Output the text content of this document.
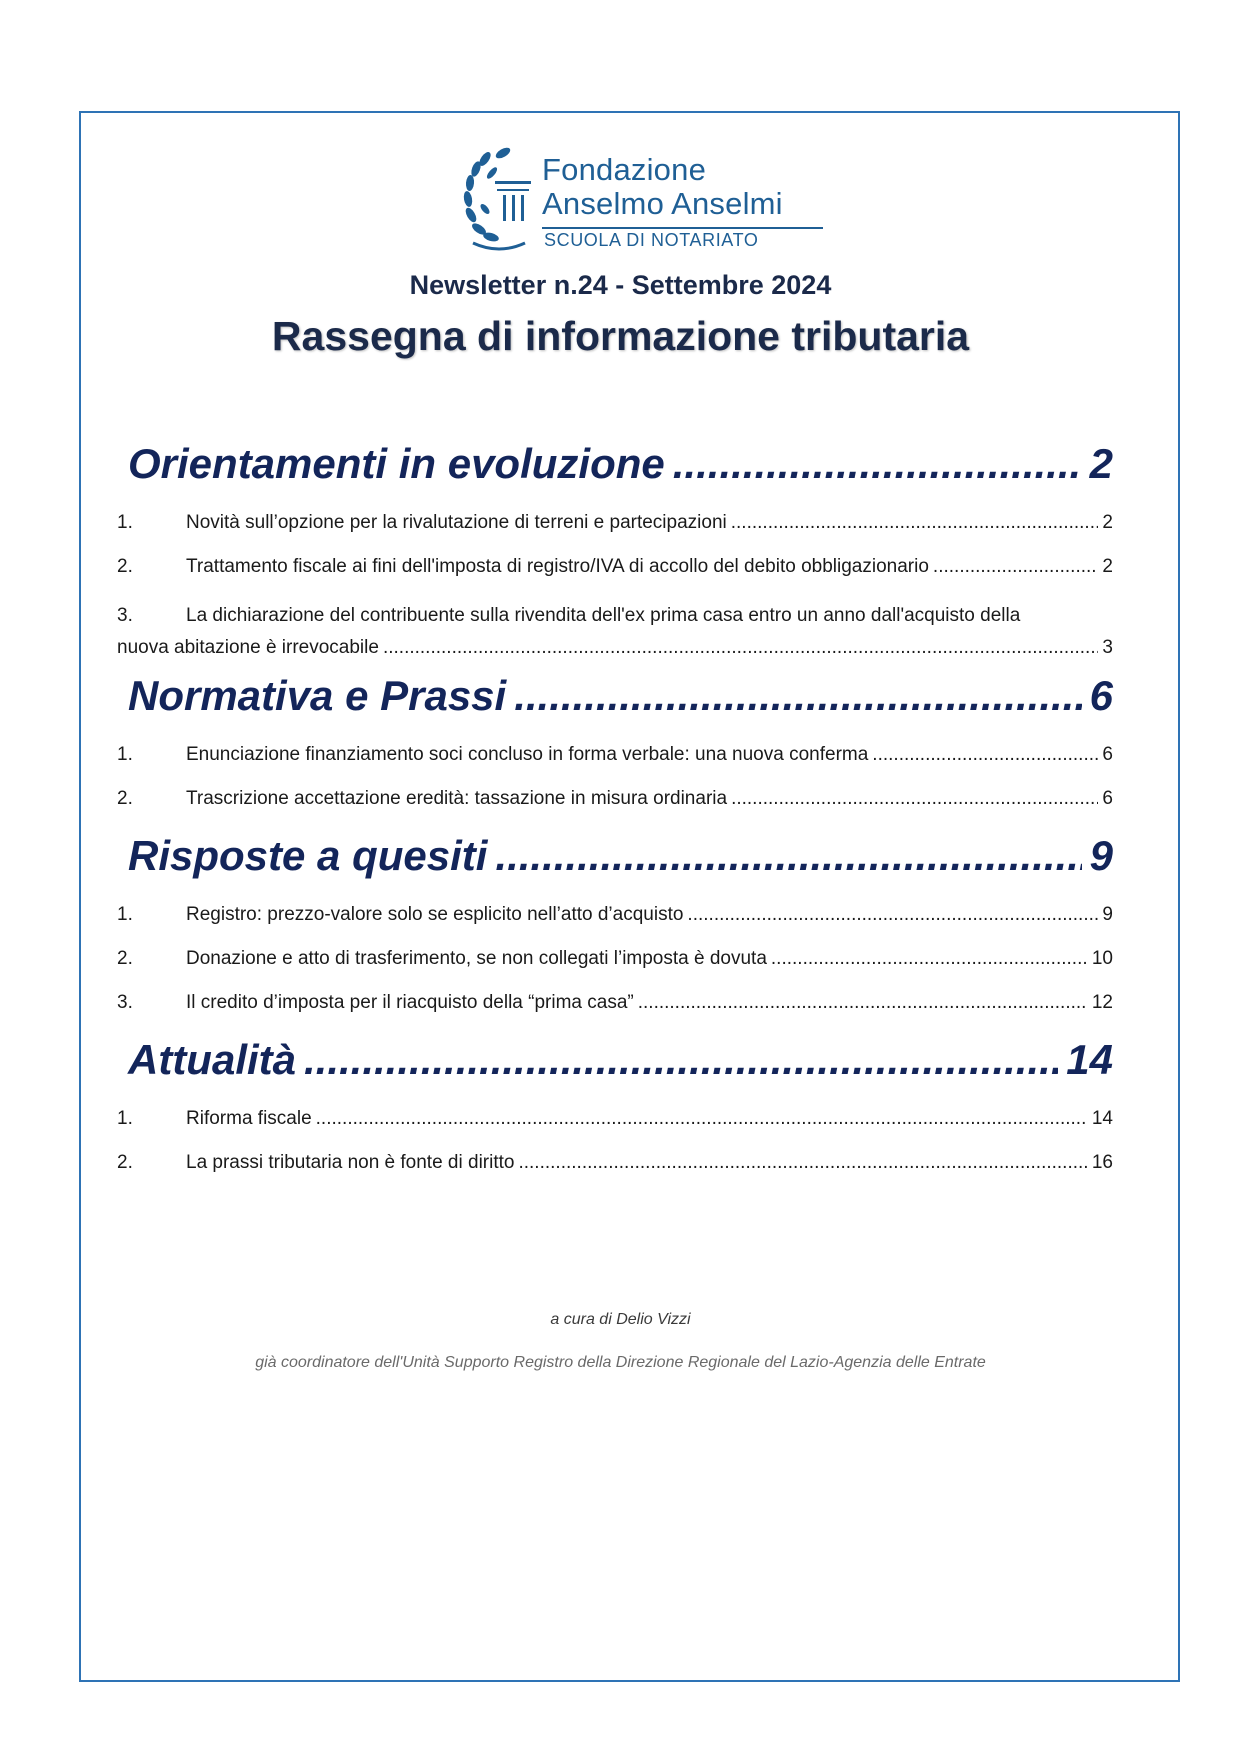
Fondazione
Anselmo Anselmi
SCUOLA DI NOTARIATO
Newsletter n.24 - Settembre 2024
Rassegna di informazione tributaria
Orientamenti in evoluzione .....	2
1.	Novità sull’opzione per la rivalutazione di terreni e partecipazioni .....	2
2.	Trattamento fiscale ai fini dell'imposta di registro/IVA di accollo del debito obbligazionario .....	2
3.	La dichiarazione del contribuente sulla rivendita dell'ex prima casa entro un anno dall'acquisto della
nuova abitazione è irrevocabile .....	3
Normativa e Prassi .....	6
1.	Enunciazione finanziamento soci concluso in forma verbale: una nuova conferma .....	6
2.	Trascrizione accettazione eredità: tassazione in misura ordinaria .....	6
Risposte a quesiti .....	9
1.	Registro: prezzo-valore solo se esplicito nell’atto d’acquisto .....	9
2.	Donazione e atto di trasferimento, se non collegati l’imposta è dovuta .....	10
3.	Il credito d’imposta per il riacquisto della “prima casa” .....	12
Attualità .....	14
1.	Riforma fiscale .....	14
2.	La prassi tributaria non è fonte di diritto .....	16
a cura di Delio Vizzi
già coordinatore dell'Unità Supporto Registro della Direzione Regionale del Lazio-Agenzia delle Entrate
